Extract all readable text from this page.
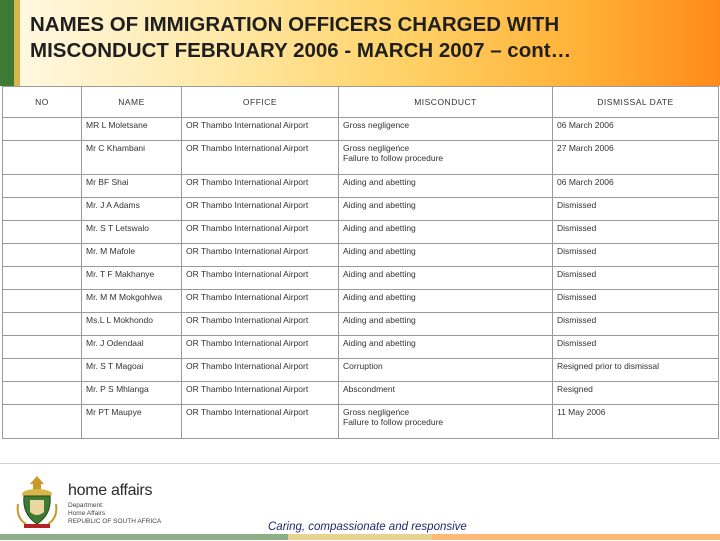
NAMES OF IMMIGRATION OFFICERS CHARGED WITH MISCONDUCT FEBRUARY 2006 - MARCH 2007 – cont…
NO	NAME	OFFICE	MISCONDUCT	DISMISSAL DATE
	MR L Moletsane	OR Thambo International Airport	Gross negligence	06 March 2006
	Mr C Khambani	OR Thambo International Airport	Gross negligence
Failure to follow procedure	27 March 2006
	Mr BF Shai	OR Thambo International Airport	Aiding and abetting	06 March 2006
	Mr. J A Adams	OR Thambo International Airport	Aiding and abetting	Dismissed
	Mr. S T Letswalo	OR Thambo International Airport	Aiding and abetting	Dismissed
	Mr. M Mafole	OR Thambo International Airport	Aiding and abetting	Dismissed
	Mr. T F Makhanye	OR Thambo International Airport	Aiding and abetting	Dismissed
	Mr. M M Mokgohlwa	OR Thambo International Airport	Aiding and abetting	Dismissed
	Ms.L L Mokhondo	OR Thambo International Airport	Aiding and abetting	Dismissed
	Mr. J Odendaal	OR Thambo International Airport	Aiding and abetting	Dismissed
	Mr. S T Magoai	OR Thambo International Airport	Corruption	Resigned prior to dismissal
	Mr. P S Mhlanga	OR Thambo International Airport	Abscondment	Resigned
	Mr PT Maupye	OR Thambo International Airport	Gross negligence
Failure to follow procedure	11 May 2006
home affairs
Department:
Home Affairs
REPUBLIC OF SOUTH AFRICA	Caring, compassionate and responsive
